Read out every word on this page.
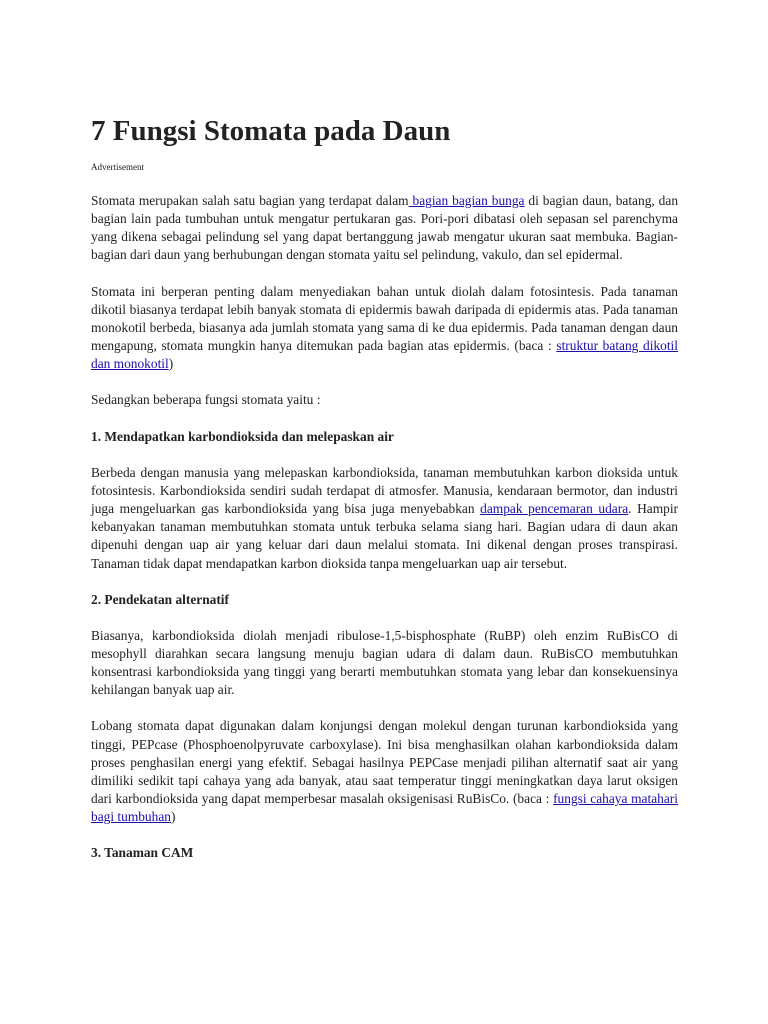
7 Fungsi Stomata pada Daun
Advertisement

Stomata merupakan salah satu bagian yang terdapat dalam bagian bagian bunga di bagian daun, batang, dan bagian lain pada tumbuhan untuk mengatur pertukaran gas. Pori-pori dibatasi oleh sepasan sel parenchyma yang dikena sebagai pelindung sel yang dapat bertanggung jawab mengatur ukuran saat membuka. Bagian-bagian dari daun yang berhubungan dengan stomata yaitu sel pelindung, vakulo, dan sel epidermal.

Stomata ini berperan penting dalam menyediakan bahan untuk diolah dalam fotosintesis. Pada tanaman dikotil biasanya terdapat lebih banyak stomata di epidermis bawah daripada di epidermis atas. Pada tanaman monokotil berbeda, biasanya ada jumlah stomata yang sama di ke dua epidermis. Pada tanaman dengan daun mengapung, stomata mungkin hanya ditemukan pada bagian atas epidermis. (baca : struktur batang dikotil dan monokotil)

Sedangkan beberapa fungsi stomata yaitu :

1. Mendapatkan karbondioksida dan melepaskan air

Berbeda dengan manusia yang melepaskan karbondioksida, tanaman membutuhkan karbon dioksida untuk fotosintesis. Karbondioksida sendiri sudah terdapat di atmosfer. Manusia, kendaraan bermotor, dan industri juga mengeluarkan gas karbondioksida yang bisa juga menyebabkan dampak pencemaran udara. Hampir kebanyakan tanaman membutuhkan stomata untuk terbuka selama siang hari. Bagian udara di daun akan dipenuhi dengan uap air yang keluar dari daun melalui stomata. Ini dikenal dengan proses transpirasi. Tanaman tidak dapat mendapatkan karbon dioksida tanpa mengeluarkan uap air tersebut.

2. Pendekatan alternatif

Biasanya, karbondioksida diolah menjadi ribulose-1,5-bisphosphate (RuBP) oleh enzim RuBisCO di mesophyll diarahkan secara langsung menuju bagian udara di dalam daun. RuBisCO membutuhkan konsentrasi karbondioksida yang tinggi yang berarti membutuhkan stomata yang lebar dan konsekuensinya kehilangan banyak uap air.

Lobang stomata dapat digunakan dalam konjungsi dengan molekul dengan turunan karbondioksida yang tinggi, PEPcase (Phosphoenolpyruvate carboxylase). Ini bisa menghasilkan olahan karbondioksida dalam proses penghasilan energi yang efektif. Sebagai hasilnya PEPCase menjadi pilihan alternatif saat air yang dimiliki sedikit tapi cahaya yang ada banyak, atau saat temperatur tinggi meningkatkan daya larut oksigen dari karbondioksida yang dapat memperbesar masalah oksigenisasi RuBisCo. (baca : fungsi cahaya matahari bagi tumbuhan)

3. Tanaman CAM
